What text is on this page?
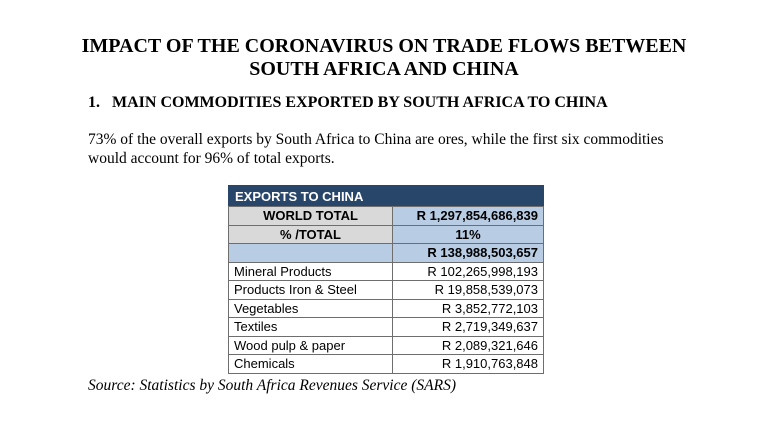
IMPACT OF THE CORONAVIRUS ON TRADE FLOWS BETWEEN
SOUTH AFRICA AND CHINA
1. MAIN COMMODITIES EXPORTED BY SOUTH AFRICA TO CHINA
73% of the overall exports by South Africa to China are ores, while the first six commodities
would account for 96% of total exports.
EXPORTS TO CHINA	
WORLD TOTAL	R 1,297,854,686,839
% /TOTAL	11%
	R 138,988,503,657
Mineral Products	R 102,265,998,193
Products Iron & Steel	R 19,858,539,073
Vegetables	R 3,852,772,103
Textiles	R 2,719,349,637
Wood pulp & paper	R 2,089,321,646
Chemicals	R 1,910,763,848
Source: Statistics by South Africa Revenues Service (SARS)
